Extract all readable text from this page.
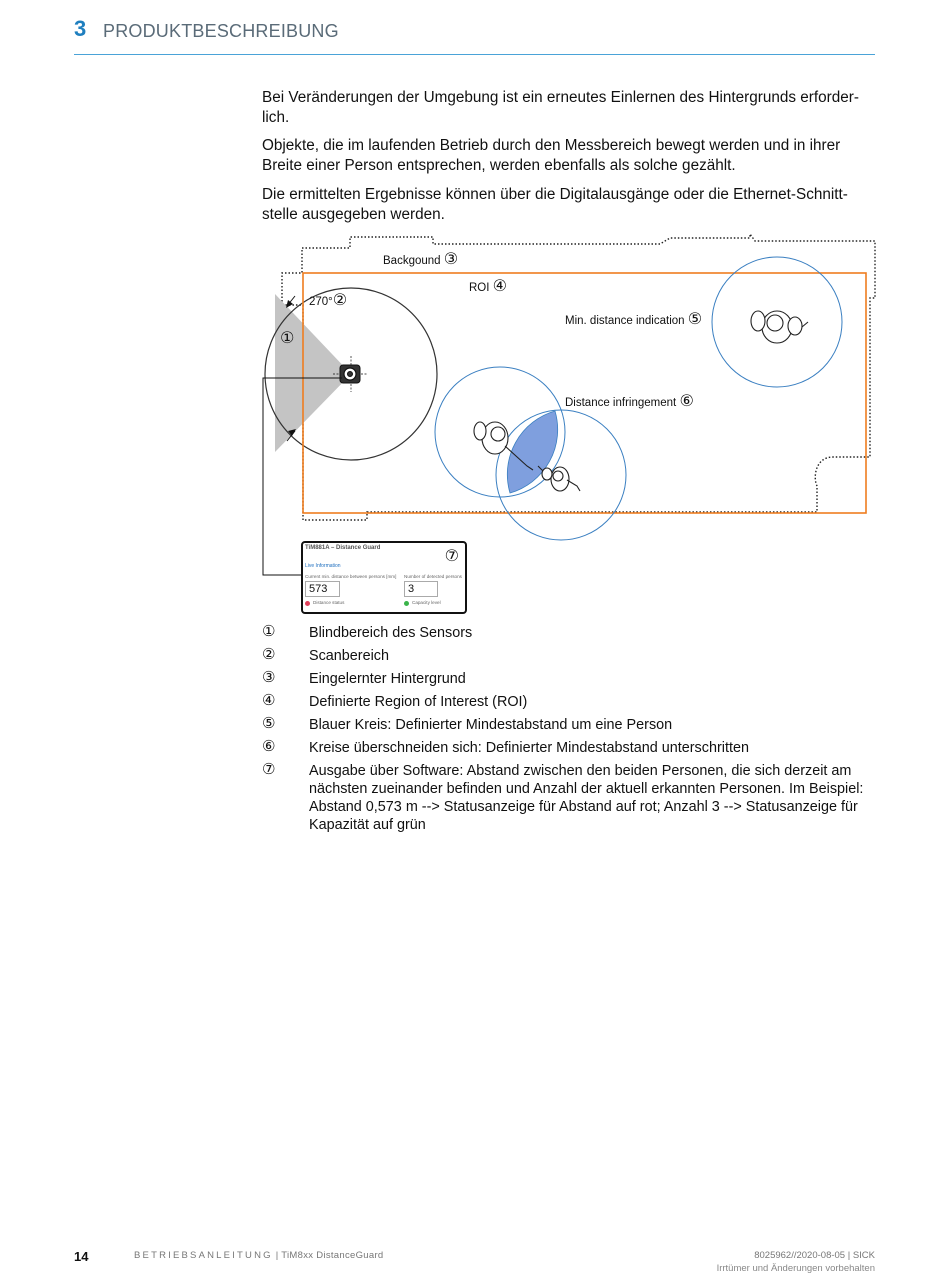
3 PRODUKTBESCHREIBUNG

Bei Veränderungen der Umgebung ist ein erneutes Einlernen des Hintergrunds erforder-lich.

Objekte, die im laufenden Betrieb durch den Messbereich bewegt werden und in ihrer Breite einer Person entsprechen, werden ebenfalls als solche gezählt.

Die ermittelten Ergebnisse können über die Digitalausgänge oder die Ethernet-Schnitt-stelle ausgegeben werden.

Backgound ③
ROI ④
270°②
①
Min. distance indication ⑤
Distance infringement ⑥
TiM881A – Distance Guard	⑦
Live Information
Current min. distance between persons [mm] Number of detected persons
573	3
Distance status	Capacity level
① Blindbereich des Sensors
② Scanbereich
③ Eingelernter Hintergrund
④ Definierte Region of Interest (ROI)
⑤ Blauer Kreis: Definierter Mindestabstand um eine Person
⑥ Kreise überschneiden sich: Definierter Mindestabstand unterschritten
⑦ Ausgabe über Software: Abstand zwischen den beiden Personen, die sich derzeit am nächsten zueinander befinden und Anzahl der aktuell erkannten Personen. Im Beispiel: Abstand 0,573 m --> Statusanzeige für Abstand auf rot; Anzahl 3 --> Statusanzeige für Kapazität auf grün
14	BETRIEBSANLEITUNG | TiM8xx DistanceGuard	8025962//2020-08-05 | SICK
Irrtümer und Änderungen vorbehalten
